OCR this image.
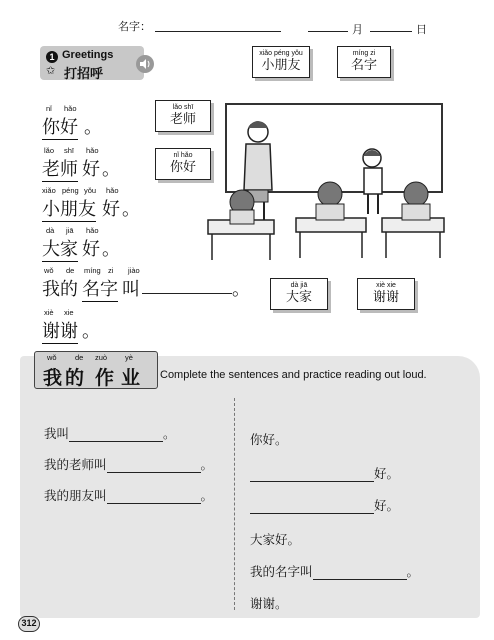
名字：	月	日
1 Greetings
✩ 打招呼
xiǎo péng yǒu
小朋友
míng zi
名字
lǎo shī
老师
nǐ hǎo
你好
dà jiā
大家
xiè xie
谢谢
nǐ hǎo
你好 。
lǎo shī hǎo
老师 好 。
xiǎo péng yǒu hǎo
小朋友 好 。
dà jiā hǎo
大家 好 。
wǒ de míng zi jiào
我的 名字 叫	。
xiè xie
谢谢 。
wǒ de zuò yè
我 的 作 业 Complete the sentences and practice reading out loud.
我叫	。
我的老师叫	。
我的朋友叫	。
你好。
好。
好。
大家好。
我的名字叫	。
谢谢。
312
